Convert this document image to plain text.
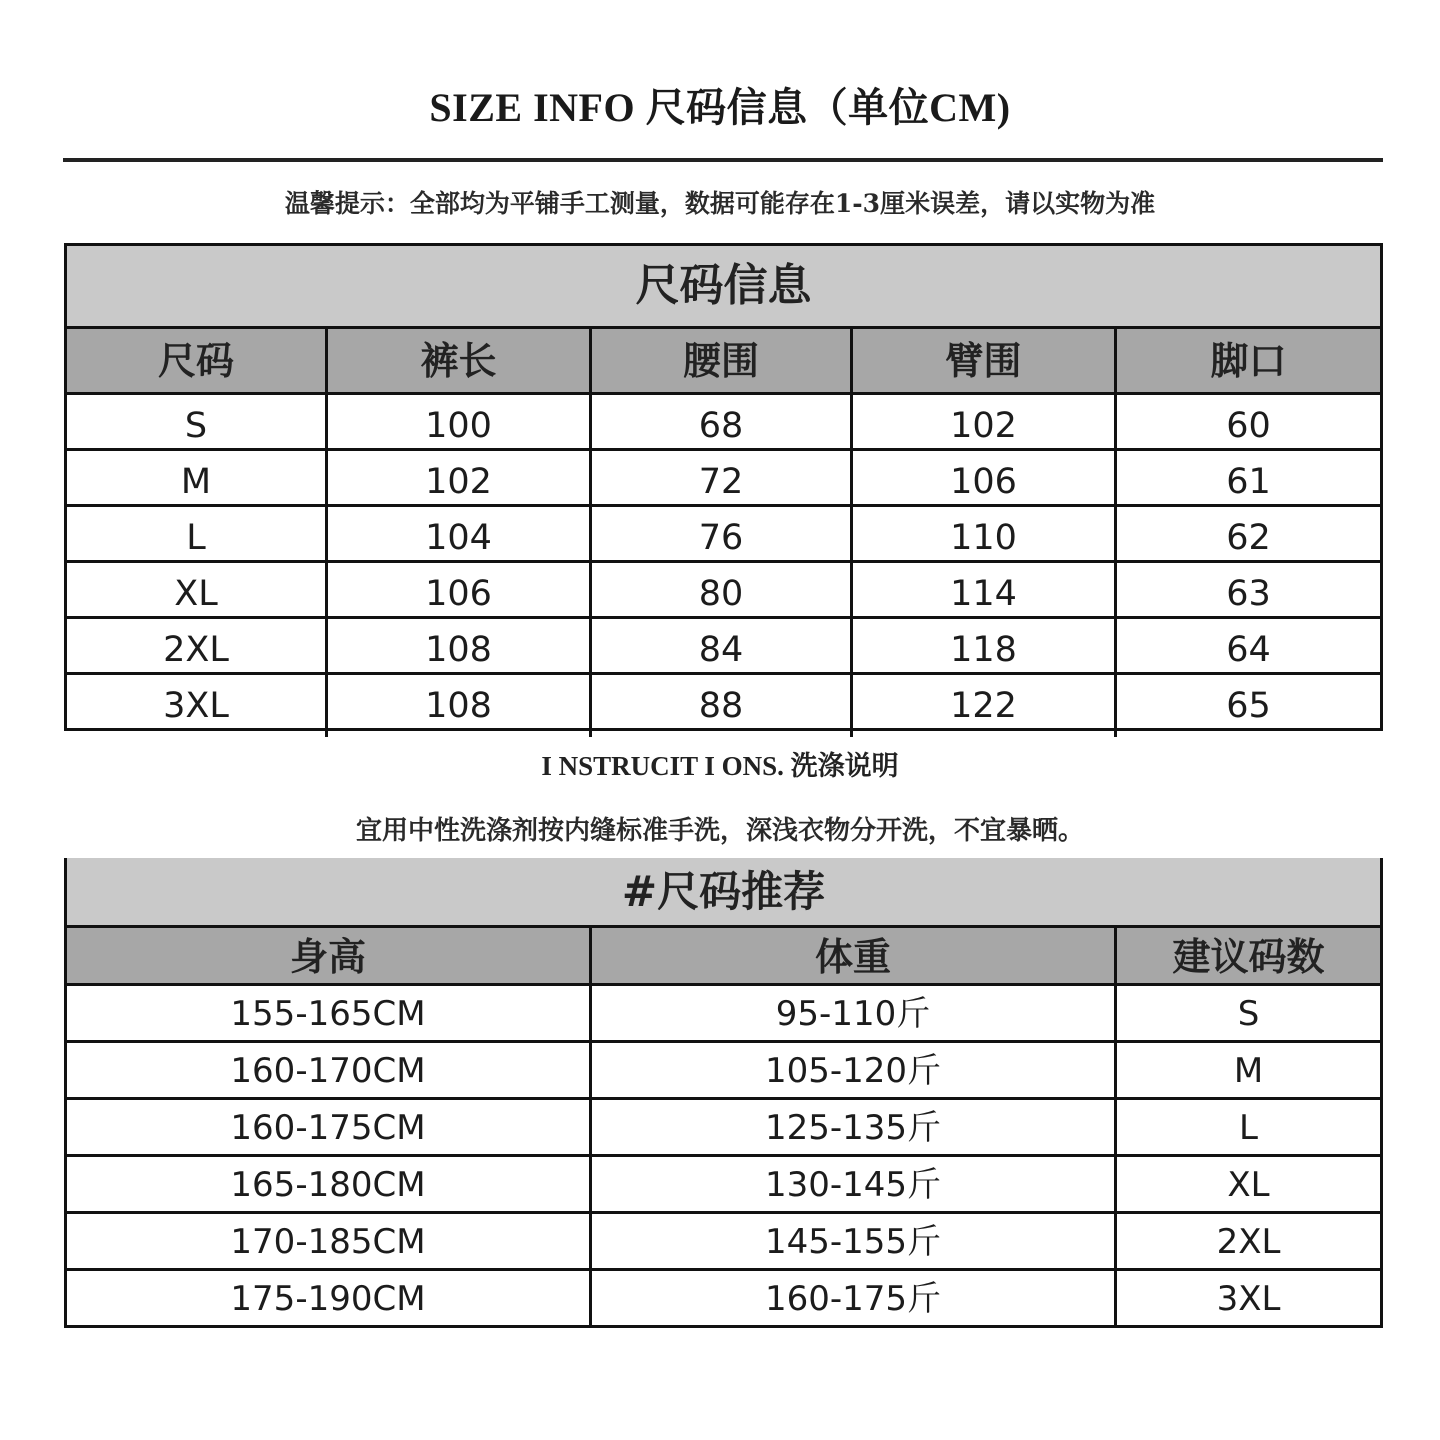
SIZE INFO 尺码信息（单位CM)
温馨提示：全部均为平铺手工测量，数据可能存在1-3厘米误差，请以实物为准
尺码信息
尺码	裤长	腰围	臂围	脚口
S	100	68	102	60
M	102	72	106	61
L	104	76	110	62
XL	106	80	114	63
2XL	108	84	118	64
3XL	108	88	122	65
I NSTRUCIT I ONS. 洗涤说明
宜用中性洗涤剂按内缝标准手洗，深浅衣物分开洗，不宜暴晒。
#尺码推荐
身高	体重	建议码数
155-165CM	95-110斤	S
160-170CM	105-120斤	M
160-175CM	125-135斤	L
165-180CM	130-145斤	XL
170-185CM	145-155斤	2XL
175-190CM	160-175斤	3XL
